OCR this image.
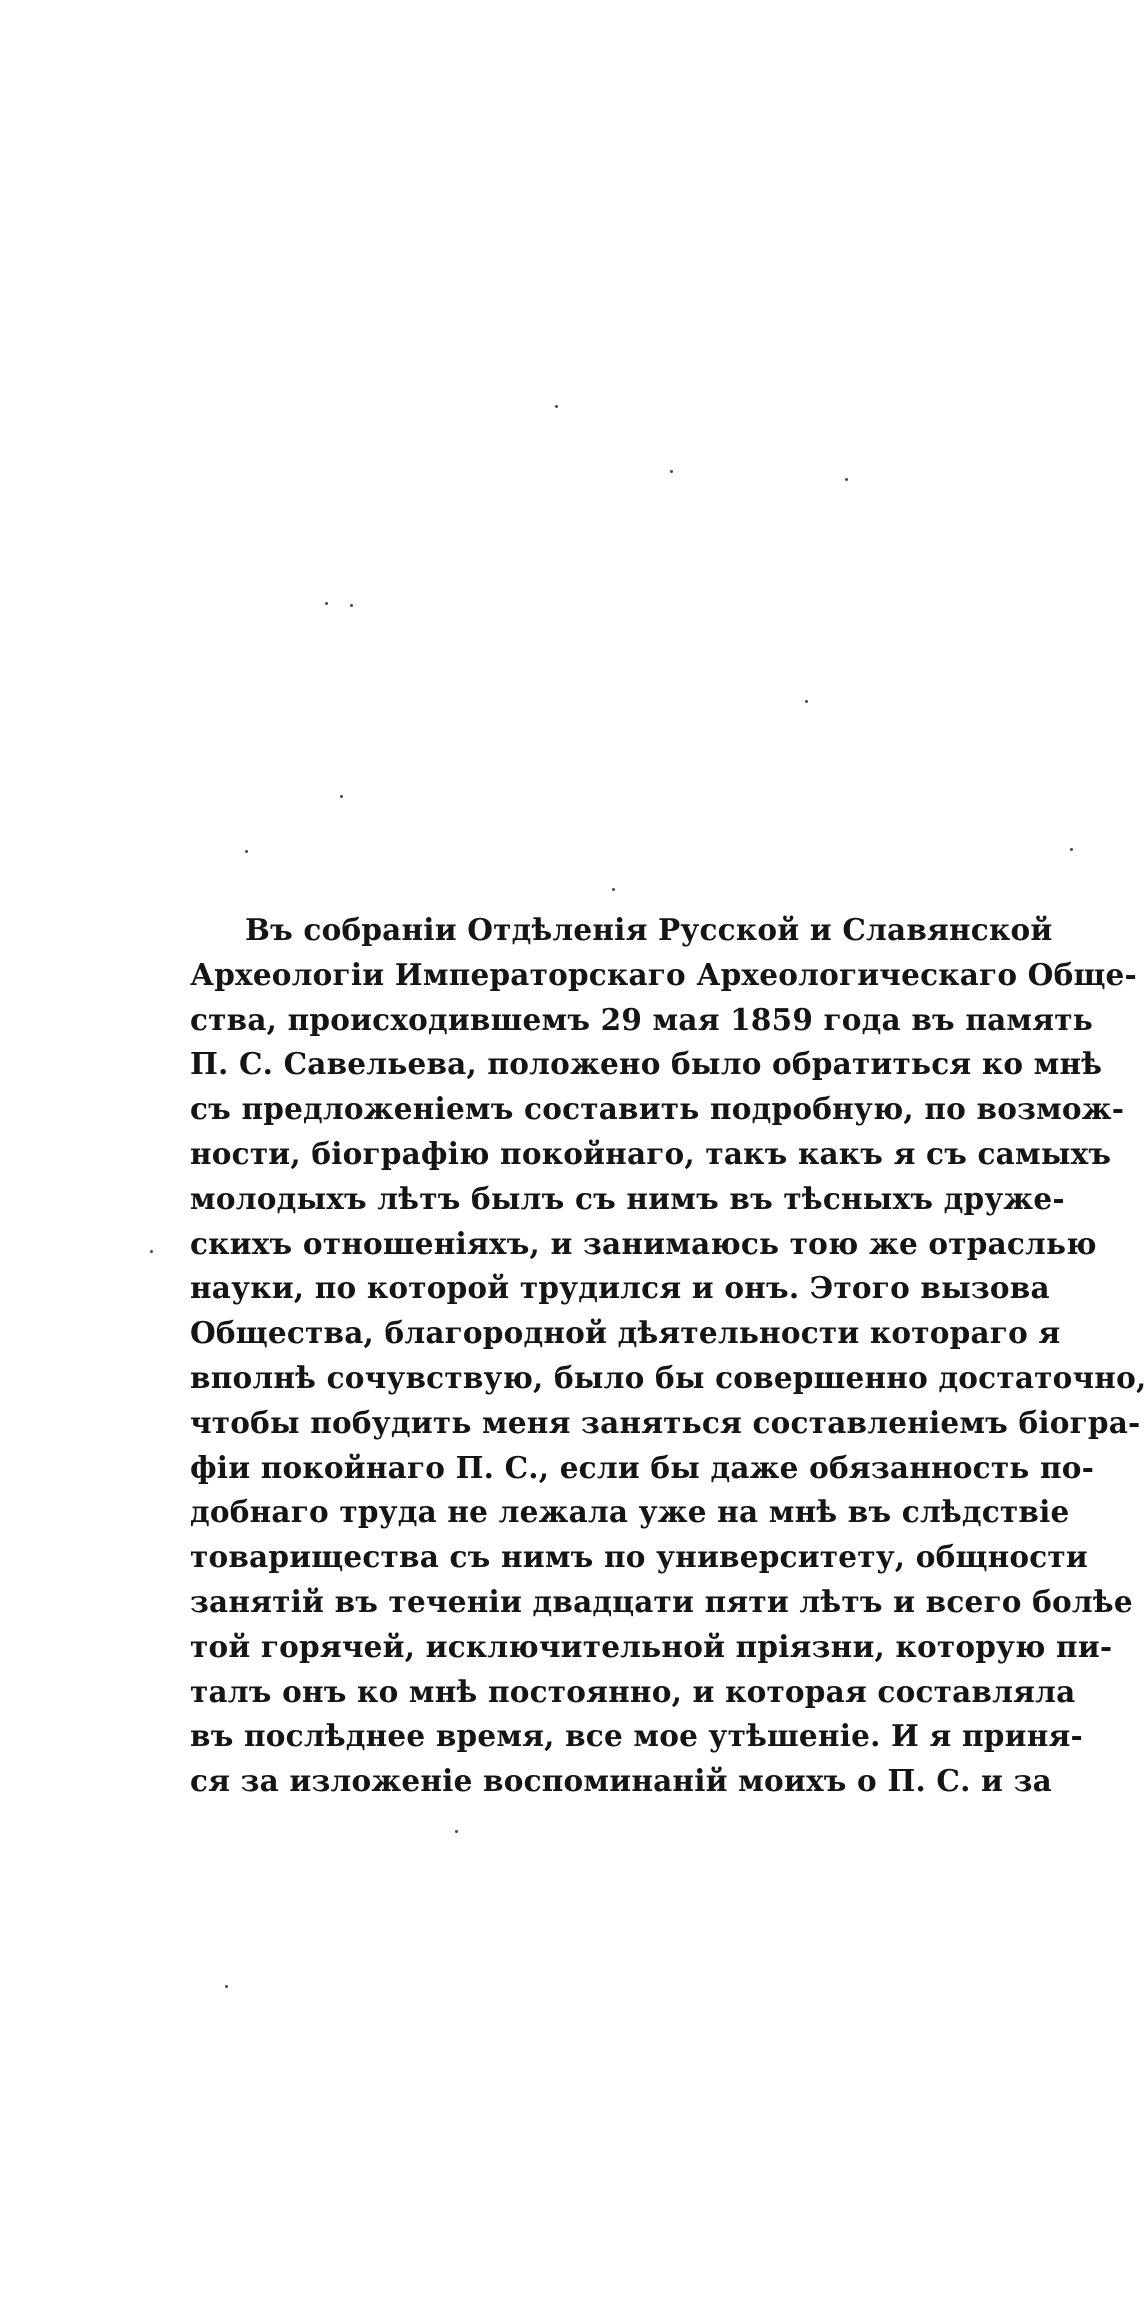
Въ собраніи Отдѣленія Русской и Славянской
Археологіи Императорскаго Археологическаго Обще-
ства, происходившемъ 29 мая 1859 года въ память
П. С. Савельева, положено было обратиться ко мнѣ
съ предложеніемъ составить подробную, по возмож-
ности, біографію покойнаго, такъ какъ я съ самыхъ
молодыхъ лѣтъ былъ съ нимъ въ тѣсныхъ друже-
скихъ отношеніяхъ, и занимаюсь тою же отраслью
науки, по которой трудился и онъ. Этого вызова
Общества, благородной дѣятельности котораго я
вполнѣ сочувствую, было бы совершенно достаточно,
чтобы побудить меня заняться составленіемъ біогра-
фіи покойнаго П. С., если бы даже обязанность по-
добнаго труда не лежала уже на мнѣ въ слѣдствіе
товарищества съ нимъ по университету, общности
занятій въ теченіи двадцати пяти лѣтъ и всего болѣе
той горячей, исключительной пріязни, которую пи-
талъ онъ ко мнѣ постоянно, и которая составляла
въ послѣднее время, все мое утѣшеніе. И я приня-
ся за изложеніе воспоминаній моихъ о П. С. и за
